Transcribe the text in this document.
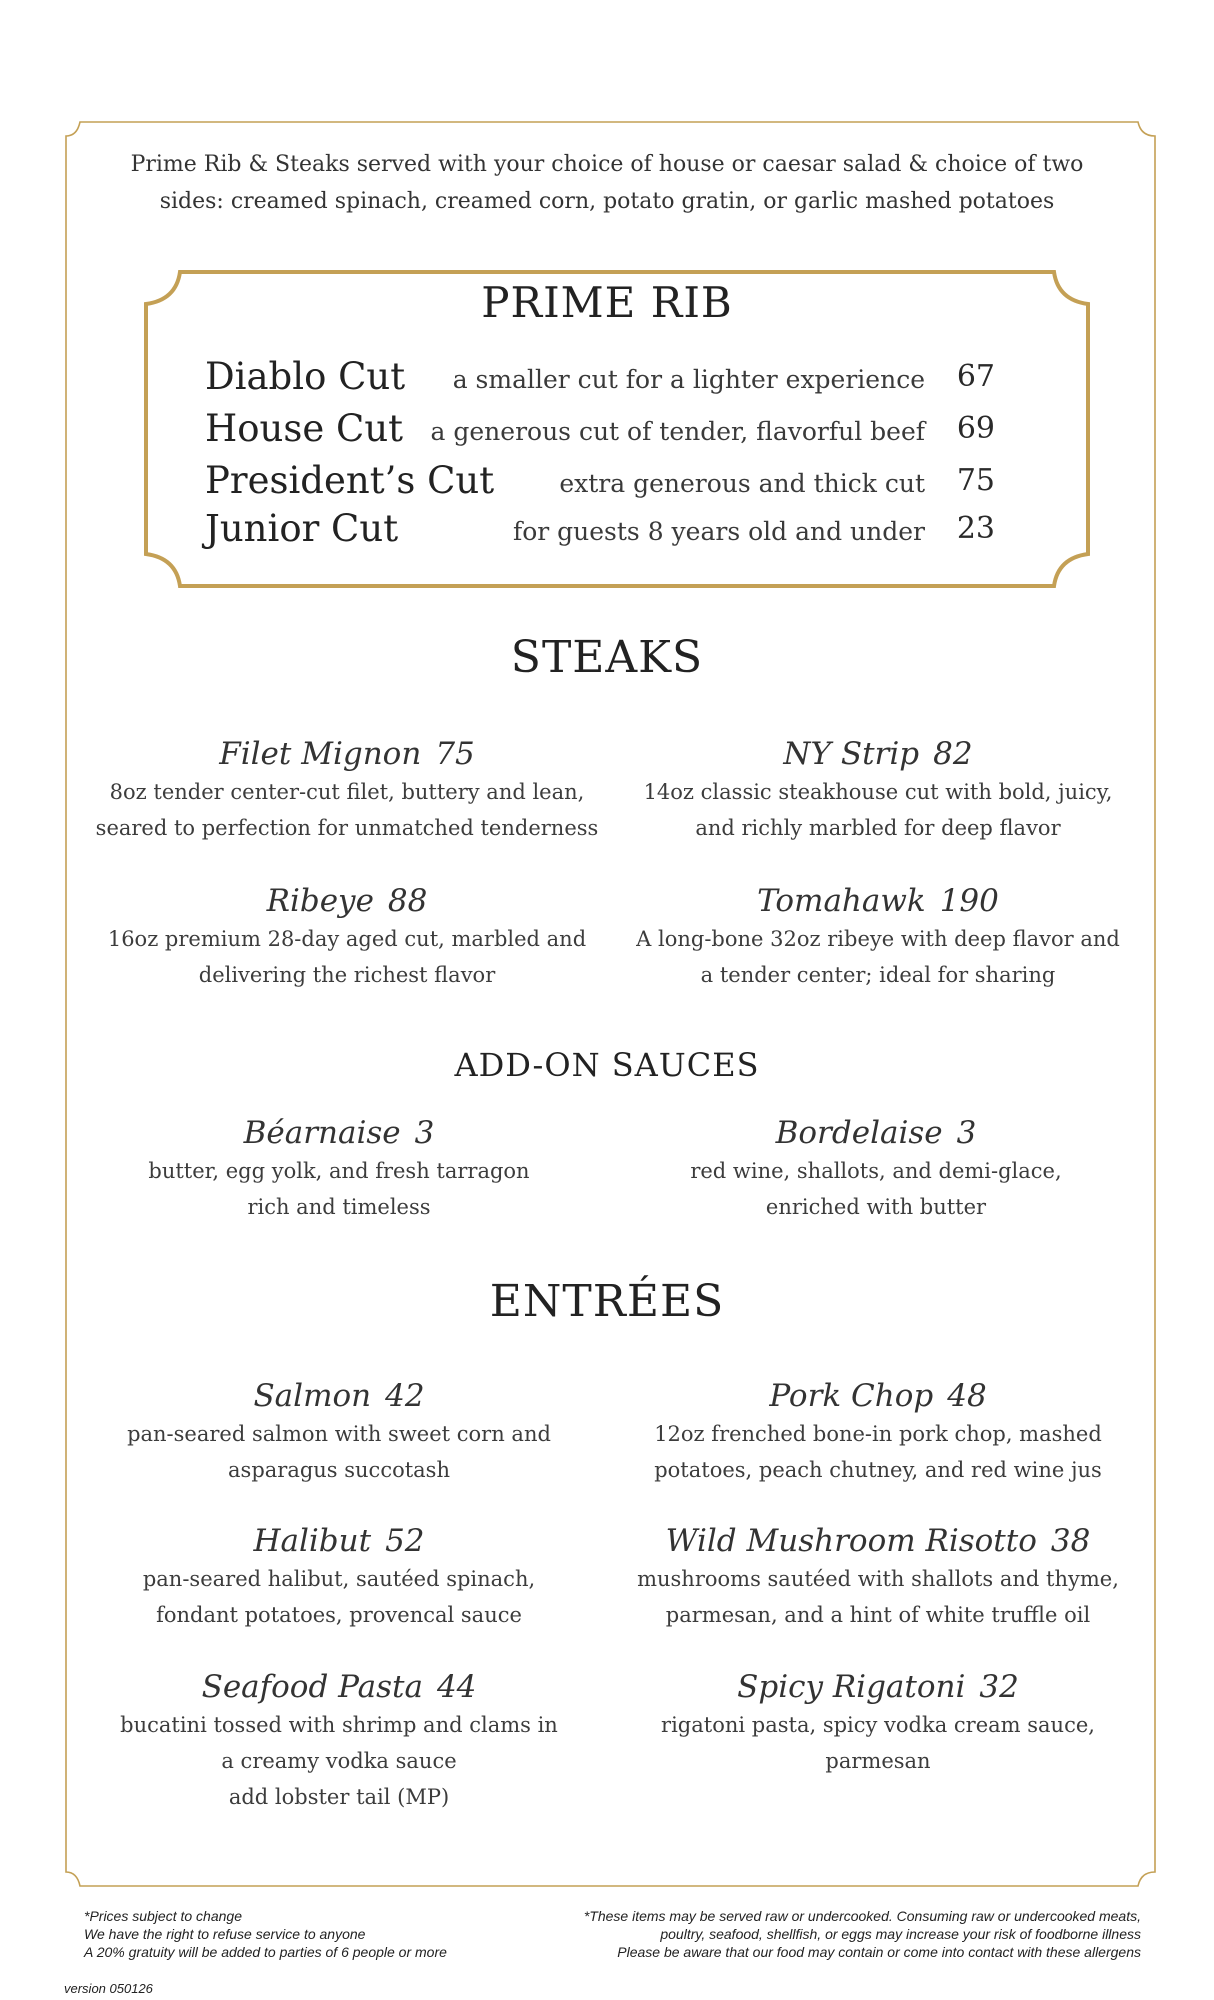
Prime Rib & Steaks served with your choice of house or caesar salad & choice of two
sides: creamed spinach, creamed corn, potato gratin, or garlic mashed potatoes
PRIME RIB
Diablo Cut a smaller cut for a lighter experience 67
House Cut a generous cut of tender, flavorful beef 69
President’s Cut	extra generous and thick cut 75
Junior Cut	for guests 8 years old and under 23
STEAKS
Filet Mignon 75
8oz tender center-cut filet, buttery and lean,
seared to perfection for unmatched tenderness
NY Strip 82
14oz classic steakhouse cut with bold, juicy,
and richly marbled for deep flavor
Ribeye 88
16oz premium 28-day aged cut, marbled and
delivering the richest flavor
Tomahawk 190
A long-bone 32oz ribeye with deep flavor and
a tender center; ideal for sharing
ADD-ON SAUCES
Béarnaise 3
butter, egg yolk, and fresh tarragon
rich and timeless
Bordelaise 3
red wine, shallots, and demi-glace,
enriched with butter
ENTRÉES
Salmon 42
pan-seared salmon with sweet corn and
asparagus succotash
Pork Chop 48
12oz frenched bone-in pork chop, mashed
potatoes, peach chutney, and red wine jus
Halibut 52
pan-seared halibut, sautéed spinach,
fondant potatoes, provencal sauce
Wild Mushroom Risotto 38
mushrooms sautéed with shallots and thyme,
parmesan, and a hint of white truffle oil
Seafood Pasta 44
bucatini tossed with shrimp and clams in
a creamy vodka sauce
add lobster tail (MP)
Spicy Rigatoni 32
rigatoni pasta, spicy vodka cream sauce,
parmesan
*Prices subject to change
We have the right to refuse service to anyone
A 20% gratuity will be added to parties of 6 people or more
*These items may be served raw or undercooked. Consuming raw or undercooked meats,
poultry, seafood, shellfish, or eggs may increase your risk of foodborne illness
Please be aware that our food may contain or come into contact with these allergens
version 050126
